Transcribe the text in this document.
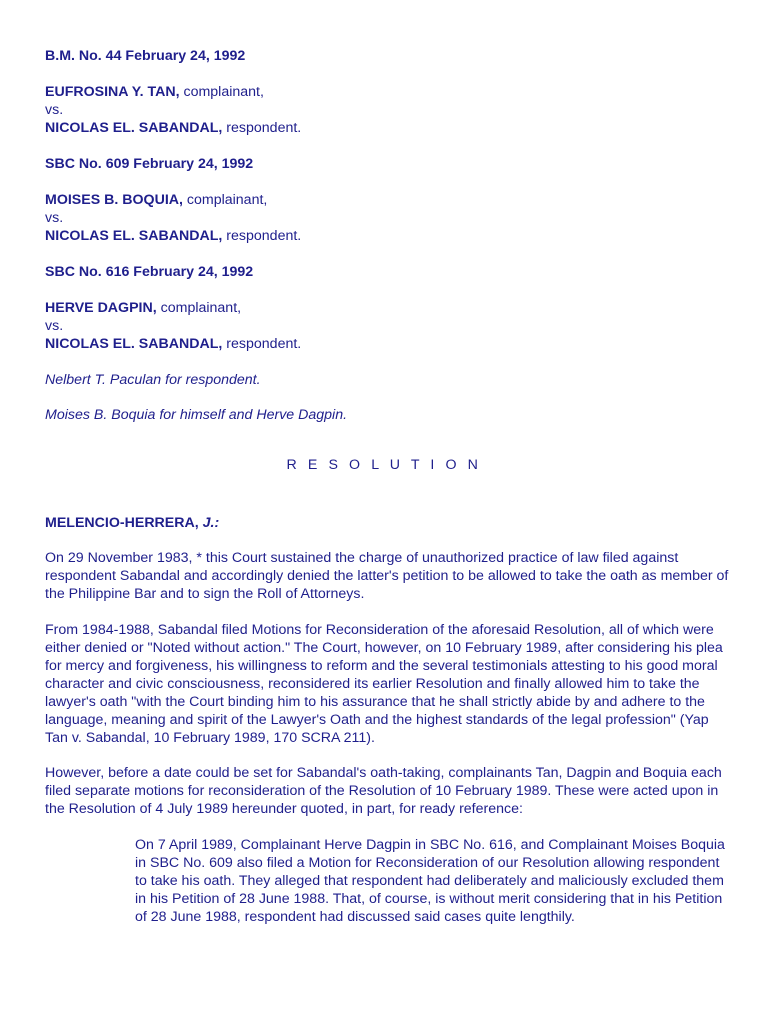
B.M. No. 44 February 24, 1992

EUFROSINA Y. TAN, complainant,

vs.

NICOLAS EL. SABANDAL, respondent.

SBC No. 609 February 24, 1992

MOISES B. BOQUIA, complainant,

vs.

NICOLAS EL. SABANDAL, respondent.

SBC No. 616 February 24, 1992

HERVE DAGPIN, complainant,

vs.

NICOLAS EL. SABANDAL, respondent.

Nelbert T. Paculan for respondent.

Moises B. Boquia for himself and Herve Dagpin.

R E S O L U T I O N

MELENCIO-HERRERA, J.:

On 29 November 1983, * this Court sustained the charge of unauthorized practice of law filed against respondent Sabandal and accordingly denied the latter's petition to be allowed to take the oath as member of the Philippine Bar and to sign the Roll of Attorneys.

From 1984-1988, Sabandal filed Motions for Reconsideration of the aforesaid Resolution, all of which were either denied or "Noted without action." The Court, however, on 10 February 1989, after considering his plea for mercy and forgiveness, his willingness to reform and the several testimonials attesting to his good moral character and civic consciousness, reconsidered its earlier Resolution and finally allowed him to take the lawyer's oath "with the Court binding him to his assurance that he shall strictly abide by and adhere to the language, meaning and spirit of the Lawyer's Oath and the highest standards of the legal profession" (Yap Tan v. Sabandal, 10 February 1989, 170 SCRA 211).

However, before a date could be set for Sabandal's oath-taking, complainants Tan, Dagpin and Boquia each filed separate motions for reconsideration of the Resolution of 10 February 1989. These were acted upon in the Resolution of 4 July 1989 hereunder quoted, in part, for ready reference:

On 7 April 1989, Complainant Herve Dagpin in SBC No. 616, and Complainant Moises Boquia in SBC No. 609 also filed a Motion for Reconsideration of our Resolution allowing respondent to take his oath. They alleged that respondent had deliberately and maliciously excluded them in his Petition of 28 June 1988. That, of course, is without merit considering that in his Petition of 28 June 1988, respondent had discussed said cases quite lengthily.
